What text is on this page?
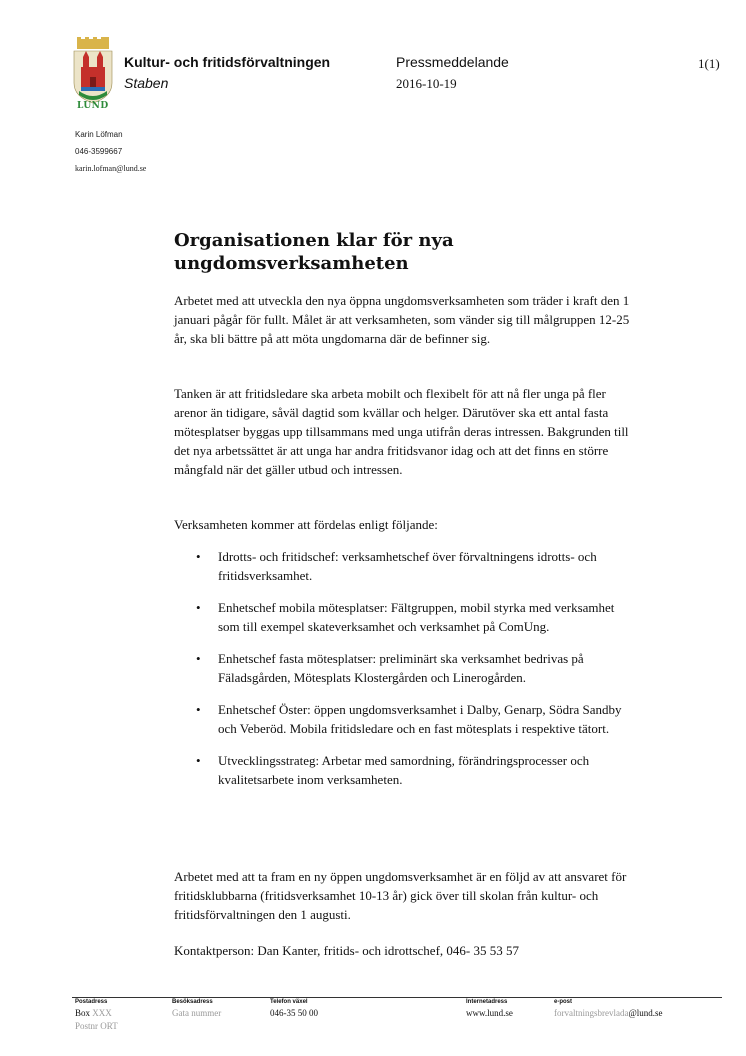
LUND
Kultur- och fritidsförvaltningen
Staben
Pressmeddelande
2016-10-19
1(1)
Karin Löfman
046-3599667
karin.lofman@lund.se
Organisationen klar för nya ungdomsverksamheten

Arbetet med att utveckla den nya öppna ungdomsverksamheten som träder i kraft den 1 januari pågår för fullt. Målet är att verksamheten, som vänder sig till målgruppen 12-25 år, ska bli bättre på att möta ungdomarna där de befinner sig.

Tanken är att fritidsledare ska arbeta mobilt och flexibelt för att nå fler unga på fler arenor än tidigare, såväl dagtid som kvällar och helger. Därutöver ska ett antal fasta mötesplatser byggas upp tillsammans med unga utifrån deras intressen. Bakgrunden till det nya arbetssättet är att unga har andra fritidsvanor idag och att det finns en större mångfald när det gäller utbud och intressen.

Verksamheten kommer att fördelas enligt följande:

• Idrotts- och fritidschef: verksamhetschef över förvaltningens idrotts- och fritidsverksamhet.
• Enhetschef mobila mötesplatser: Fältgruppen, mobil styrka med verksamhet som till exempel skateverksamhet och verksamhet på ComUng.
• Enhetschef fasta mötesplatser: preliminärt ska verksamhet bedrivas på Fäladsgården, Mötesplats Klostergården och Linerogården.
• Enhetschef Öster: öppen ungdomsverksamhet i Dalby, Genarp, Södra Sandby och Veberöd. Mobila fritidsledare och en fast mötesplats i respektive tätort.
• Utvecklingsstrateg: Arbetar med samordning, förändringsprocesser och kvalitetsarbete inom verksamheten.

Arbetet med att ta fram en ny öppen ungdomsverksamhet är en följd av att ansvaret för fritidsklubbarna (fritidsverksamhet 10-13 år) gick över till skolan från kultur- och fritidsförvaltningen den 1 augusti.

Kontaktperson: Dan Kanter, fritids- och idrottschef, 046- 35 53 57

Postadress
Box XXX
Postnr ORT
Besöksadress
Gata nummer
Telefon växel
046-35 50 00
Internetadress
www.lund.se
e-post
forvaltningsbrevlada@lund.se
